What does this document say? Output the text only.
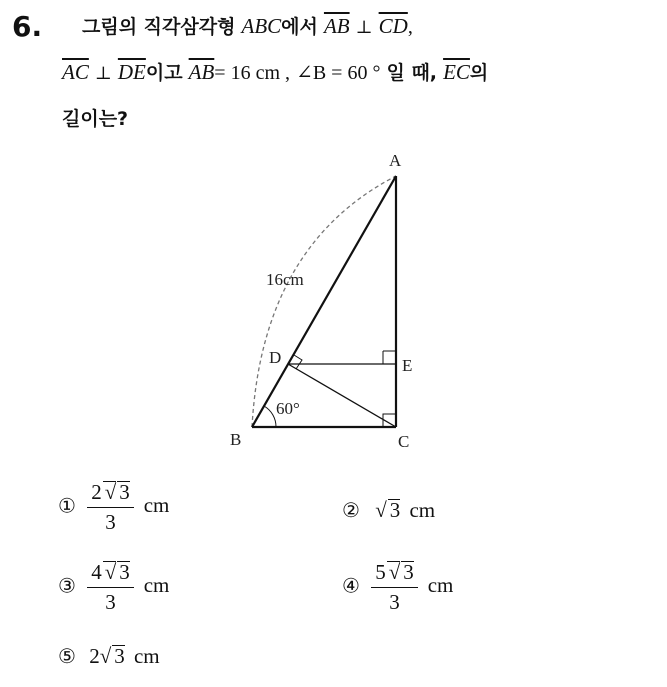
6. 그림의 직각삼각형 ABC에서 $\overline{AB}$ ⊥ $\overline{CD}$,
$\overline{AC}$ ⊥ $\overline{DE}$이고 $\overline{AB}= 16$ cm , ∠B = 60 ° 일 때, $\overline{EC}$의
길이는?
A
B	C
D	E
16cm
60°
① $\frac{2 √ 3}{3}$ cm	② √ 3 cm
③ $\frac{4 √ 3}{3}$ cm	④ $\frac{5 √ 3}{3}$ cm
⑤ 2√ 3 cm
